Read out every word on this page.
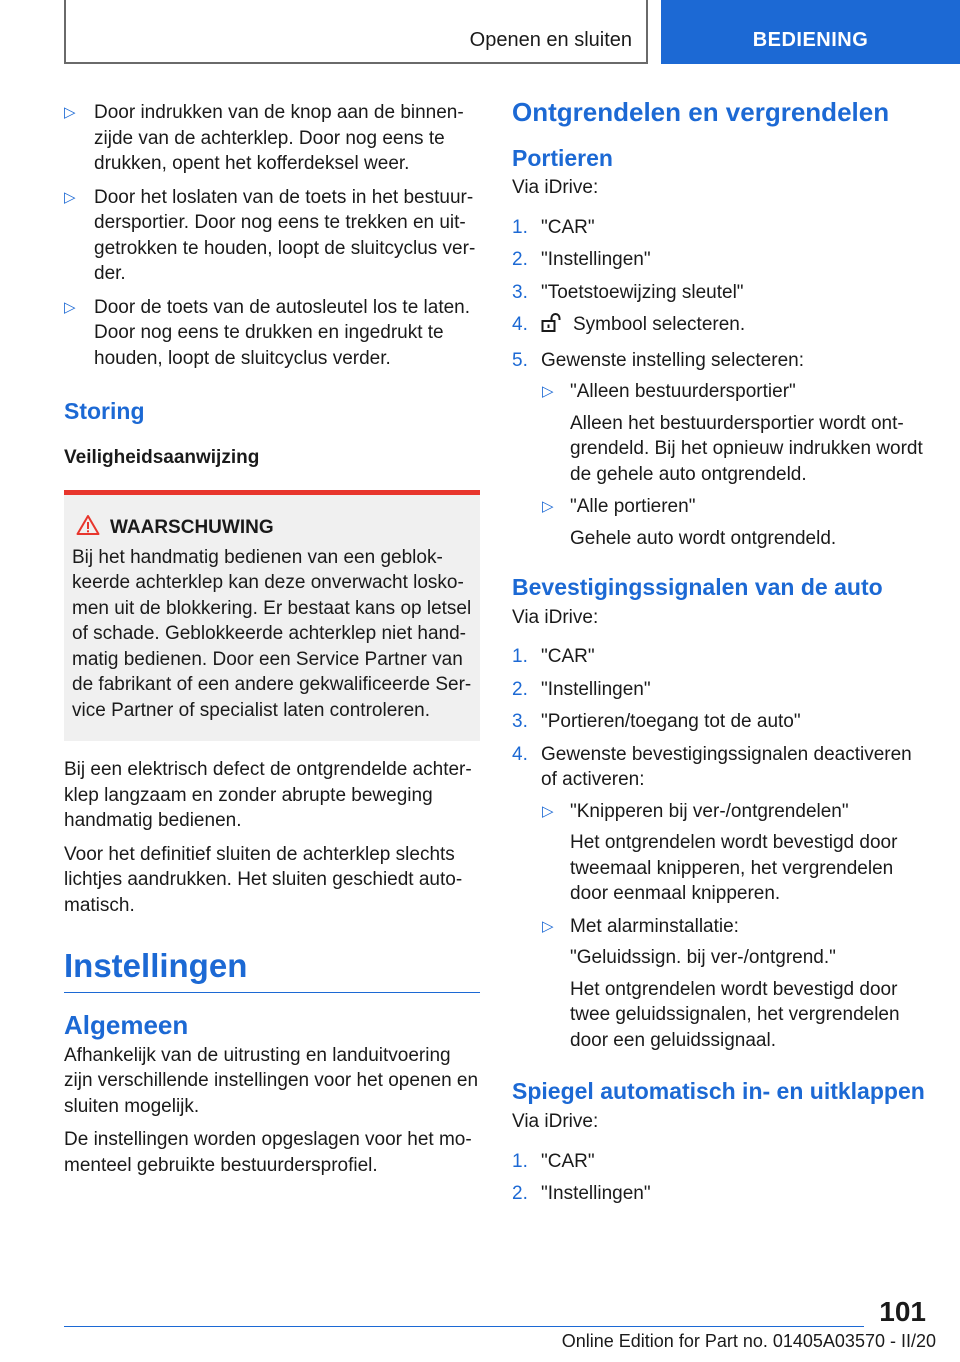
Openen en sluiten	BEDIENING
▷ Door indrukken van de knop aan de binnen-zijde van de achterklep. Door nog eens te drukken, opent het kofferdeksel weer.

▷ Door het loslaten van de toets in het bestuur-dersportier. Door nog eens te trekken en uit-getrokken te houden, loopt de sluitcyclus ver-der.

▷ Door de toets van de autosleutel los te laten. Door nog eens te drukken en ingedrukt te houden, loopt de sluitcyclus verder.

Storing

Veiligheidsaanwijzing

WAARSCHUWING

Bij het handmatig bedienen van een geblok-keerde achterklep kan deze onverwacht losko-men uit de blokkering. Er bestaat kans op letsel of schade. Geblokkeerde achterklep niet hand-matig bedienen. Door een Service Partner van de fabrikant of een andere gekwalificeerde Ser-vice Partner of specialist laten controleren.

Bij een elektrisch defect de ontgrendelde achter-klep langzaam en zonder abrupte beweging handmatig bedienen.

Voor het definitief sluiten de achterklep slechts lichtjes aandrukken. Het sluiten geschiedt auto-matisch.

Instellingen

Algemeen

Afhankelijk van de uitrusting en landuitvoering zijn verschillende instellingen voor het openen en sluiten mogelijk.

De instellingen worden opgeslagen voor het mo-menteel gebruikte bestuurdersprofiel.

Ontgrendelen en vergrendelen

Portieren

Via iDrive:

1. "CAR"

2. "Instellingen"

3. "Toetstoewijzing sleutel"

4.	Symbool selecteren.

5. Gewenste instelling selecteren:

▷ "Alleen bestuurdersportier"

Alleen het bestuurdersportier wordt ont-grendeld. Bij het opnieuw indrukken wordt de gehele auto ontgrendeld.

▷ "Alle portieren"

Gehele auto wordt ontgrendeld.

Bevestigingssignalen van de auto

Via iDrive:

1. "CAR"

2. "Instellingen"

3. "Portieren/toegang tot de auto"

4. Gewenste bevestigingssignalen deactiveren of activeren:

▷ "Knipperen bij ver-/ontgrendelen"

Het ontgrendelen wordt bevestigd door tweemaal knipperen, het vergrendelen door eenmaal knipperen.

▷ Met alarminstallatie:

"Geluidssign. bij ver-/ontgrend."

Het ontgrendelen wordt bevestigd door twee geluidssignalen, het vergrendelen door een geluidssignaal.

Spiegel automatisch in- en uitklappen

Via iDrive:

1. "CAR"

2. "Instellingen"

101
Online Edition for Part no. 01405A03570 - II/20
